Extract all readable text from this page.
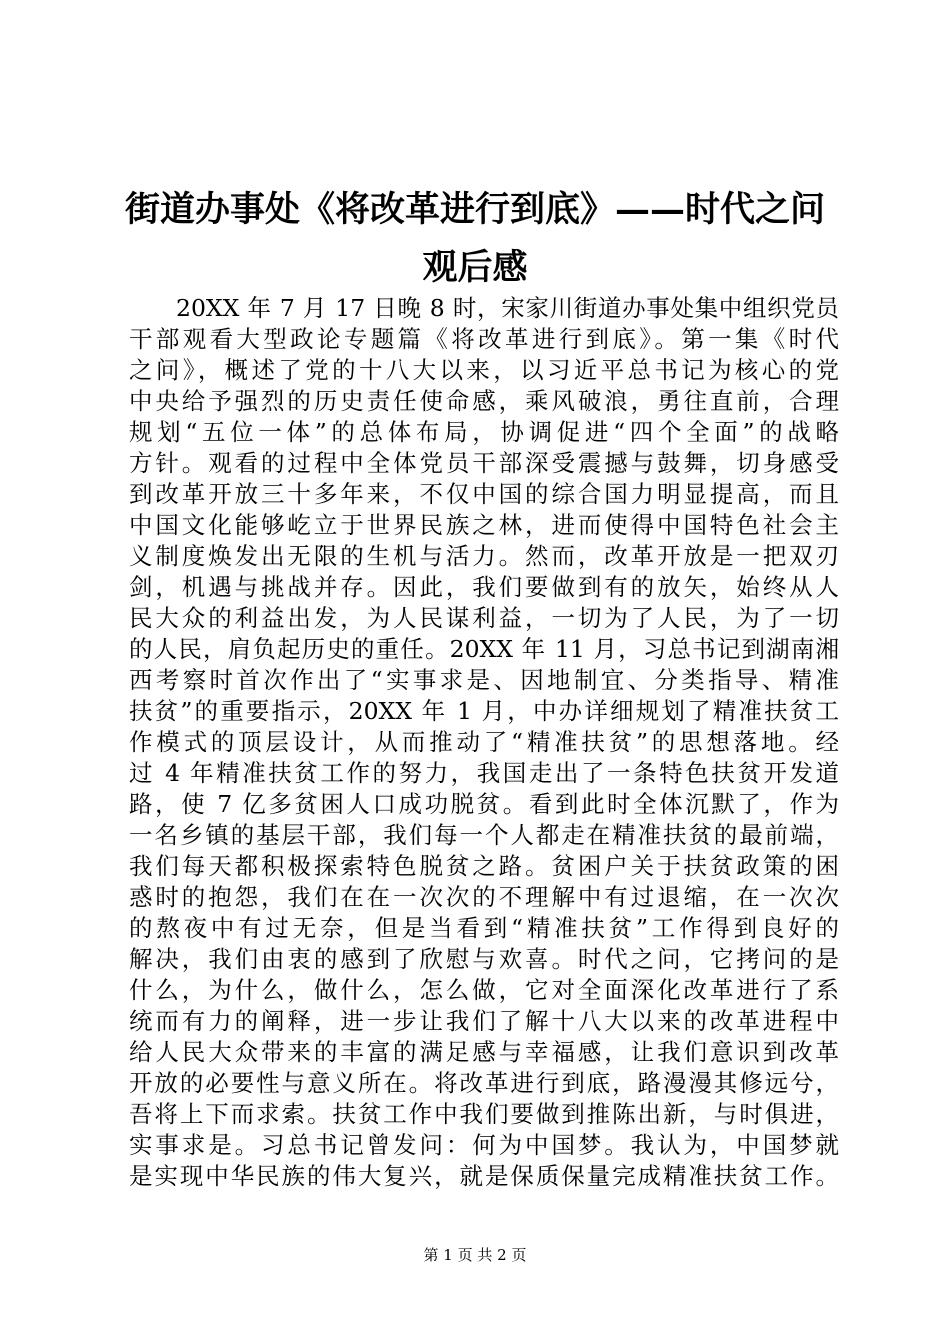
街道办事处《将改革进行到底》——时代之问
观后感
20XX 年 7 月 17 日晚 8 时，宋家川街道办事处集中组织党员
干部观看大型政论专题篇《将改革进行到底》。第一集《时代
之问》，概述了党的十八大以来，以习近平总书记为核心的党
中央给予强烈的历史责任使命感，乘风破浪，勇往直前，合理
规划“五位一体”的总体布局，协调促进“四个全面”的战略
方针。观看的过程中全体党员干部深受震撼与鼓舞，切身感受
到改革开放三十多年来，不仅中国的综合国力明显提高，而且
中国文化能够屹立于世界民族之林，进而使得中国特色社会主
义制度焕发出无限的生机与活力。然而，改革开放是一把双刃
剑，机遇与挑战并存。因此，我们要做到有的放矢，始终从人
民大众的利益出发，为人民谋利益，一切为了人民，为了一切
的人民，肩负起历史的重任。20XX 年 11 月，习总书记到湖南湘
西考察时首次作出了“实事求是、因地制宜、分类指导、精准
扶贫”的重要指示，20XX 年 1 月，中办详细规划了精准扶贫工
作模式的顶层设计，从而推动了“精准扶贫”的思想落地。经
过 4 年精准扶贫工作的努力，我国走出了一条特色扶贫开发道
路，使 7 亿多贫困人口成功脱贫。看到此时全体沉默了，作为
一名乡镇的基层干部，我们每一个人都走在精准扶贫的最前端，
我们每天都积极探索特色脱贫之路。贫困户关于扶贫政策的困
惑时的抱怨，我们在在一次次的不理解中有过退缩，在一次次
的熬夜中有过无奈，但是当看到“精准扶贫”工作得到良好的
解决，我们由衷的感到了欣慰与欢喜。时代之问，它拷问的是
什么，为什么，做什么，怎么做，它对全面深化改革进行了系
统而有力的阐释，进一步让我们了解十八大以来的改革进程中
给人民大众带来的丰富的满足感与幸福感，让我们意识到改革
开放的必要性与意义所在。将改革进行到底，路漫漫其修远兮，
吾将上下而求索。扶贫工作中我们要做到推陈出新，与时俱进，
实事求是。习总书记曾发问：何为中国梦。我认为，中国梦就
是实现中华民族的伟大复兴，就是保质保量完成精准扶贫工作。
第 1 页 共 2 页
